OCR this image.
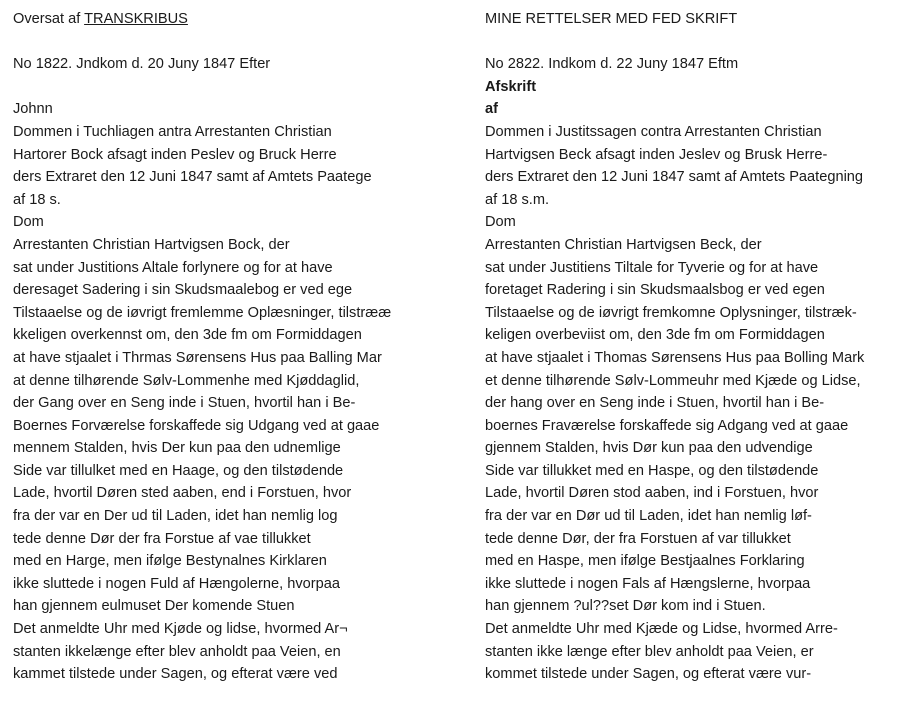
Oversat af TRANSKRIBUS
No 1822. Jndkom d. 20 Juny 1847 Efter
Johnn
Dommen i Tuchliagen antra Arrestanten Christian
Hartorer Bock afsagt inden Peslev og Bruck Herre
ders Extraret den 12 Juni 1847 samt af Amtets Paatege
af 18 s.
Dom
Arrestanten Christian Hartvigsen Bock, der
sat under Justitions Altale forlynere og for at have
deresaget Sadering i sin Skudsmaalebog er ved ege
Tilstaaelse og de iøvrigt fremlemme Oplæsninger, tilstrææ
kkeligen overkennst om, den 3de fm om Formiddagen
at have stjaalet i Thrmas Sørensens Hus paa Balling Mar
at denne tilhørende Sølv-Lommenhe med Kjøddaglid,
der Gang over en Seng inde i Stuen, hvortil han i Be-
Boernes Forværelse forskaffede sig Udgang ved at gaae
mennem Stalden, hvis Der kun paa den udnemlige
Side var tillulket med en Haage, og den tilstødende
Lade, hvortil Døren sted aaben, end i Forstuen, hvor
fra der var en Der ud til Laden, idet han nemlig log
tede denne Dør der fra Forstue af vae tillukket
med en Harge, men ifølge Bestynalnes Kirklaren
ikke sluttede i nogen Fuld af Hængolerne, hvorpaa
han gjennem eulmuset Der komende Stuen
Det anmeldte Uhr med Kjøde og lidse, hvormed Ar¬
stanten ikkelænge efter blev anholdt paa Veien, en
kammet tilstede under Sagen, og efterat være ved
MINE RETTELSER MED FED SKRIFT
No 2822. Indkom d. 22 Juny 1847 Eftm
Afskrift
af
Dommen i Justitssagen contra Arrestanten Christian
Hartvigsen Beck afsagt inden Jeslev og Brusk Herre-
ders Extraret den 12 Juni 1847 samt af Amtets Paategning
af 18 s.m.
Dom
Arrestanten Christian Hartvigsen Beck, der
sat under Justitiens Tiltale for Tyverie og for at have
foretaget Radering i sin Skudsmaalsbog er ved egen
Tilstaaelse og de iøvrigt fremkomne Oplysninger, tilstræk-
keligen overbeviist om, den 3de fm om Formiddagen
at have stjaalet i Thomas Sørensens Hus paa Bolling Mark
et denne tilhørende Sølv-Lommeuhr med Kjæde og Lidse,
der hang over en Seng inde i Stuen, hvortil han i Be-
boernes Fraværelse forskaffede sig Adgang ved at gaae
gjennem Stalden, hvis Dør kun paa den udvendige
Side var tillukket med en Haspe, og den tilstødende
Lade, hvortil Døren stod aaben, ind i Forstuen, hvor
fra der var en Dør ud til Laden, idet han nemlig løf-
tede denne Dør, der fra Forstuen af var tillukket
med en Haspe, men ifølge Bestjaalnes Forklaring
ikke sluttede i nogen Fals af Hængslerne, hvorpaa
han gjennem ?ul??set Dør kom ind i Stuen.
Det anmeldte Uhr med Kjæde og Lidse, hvormed Arre-
stanten ikke længe efter blev anholdt paa Veien, er
kommet tilstede under Sagen, og efterat være vur-
